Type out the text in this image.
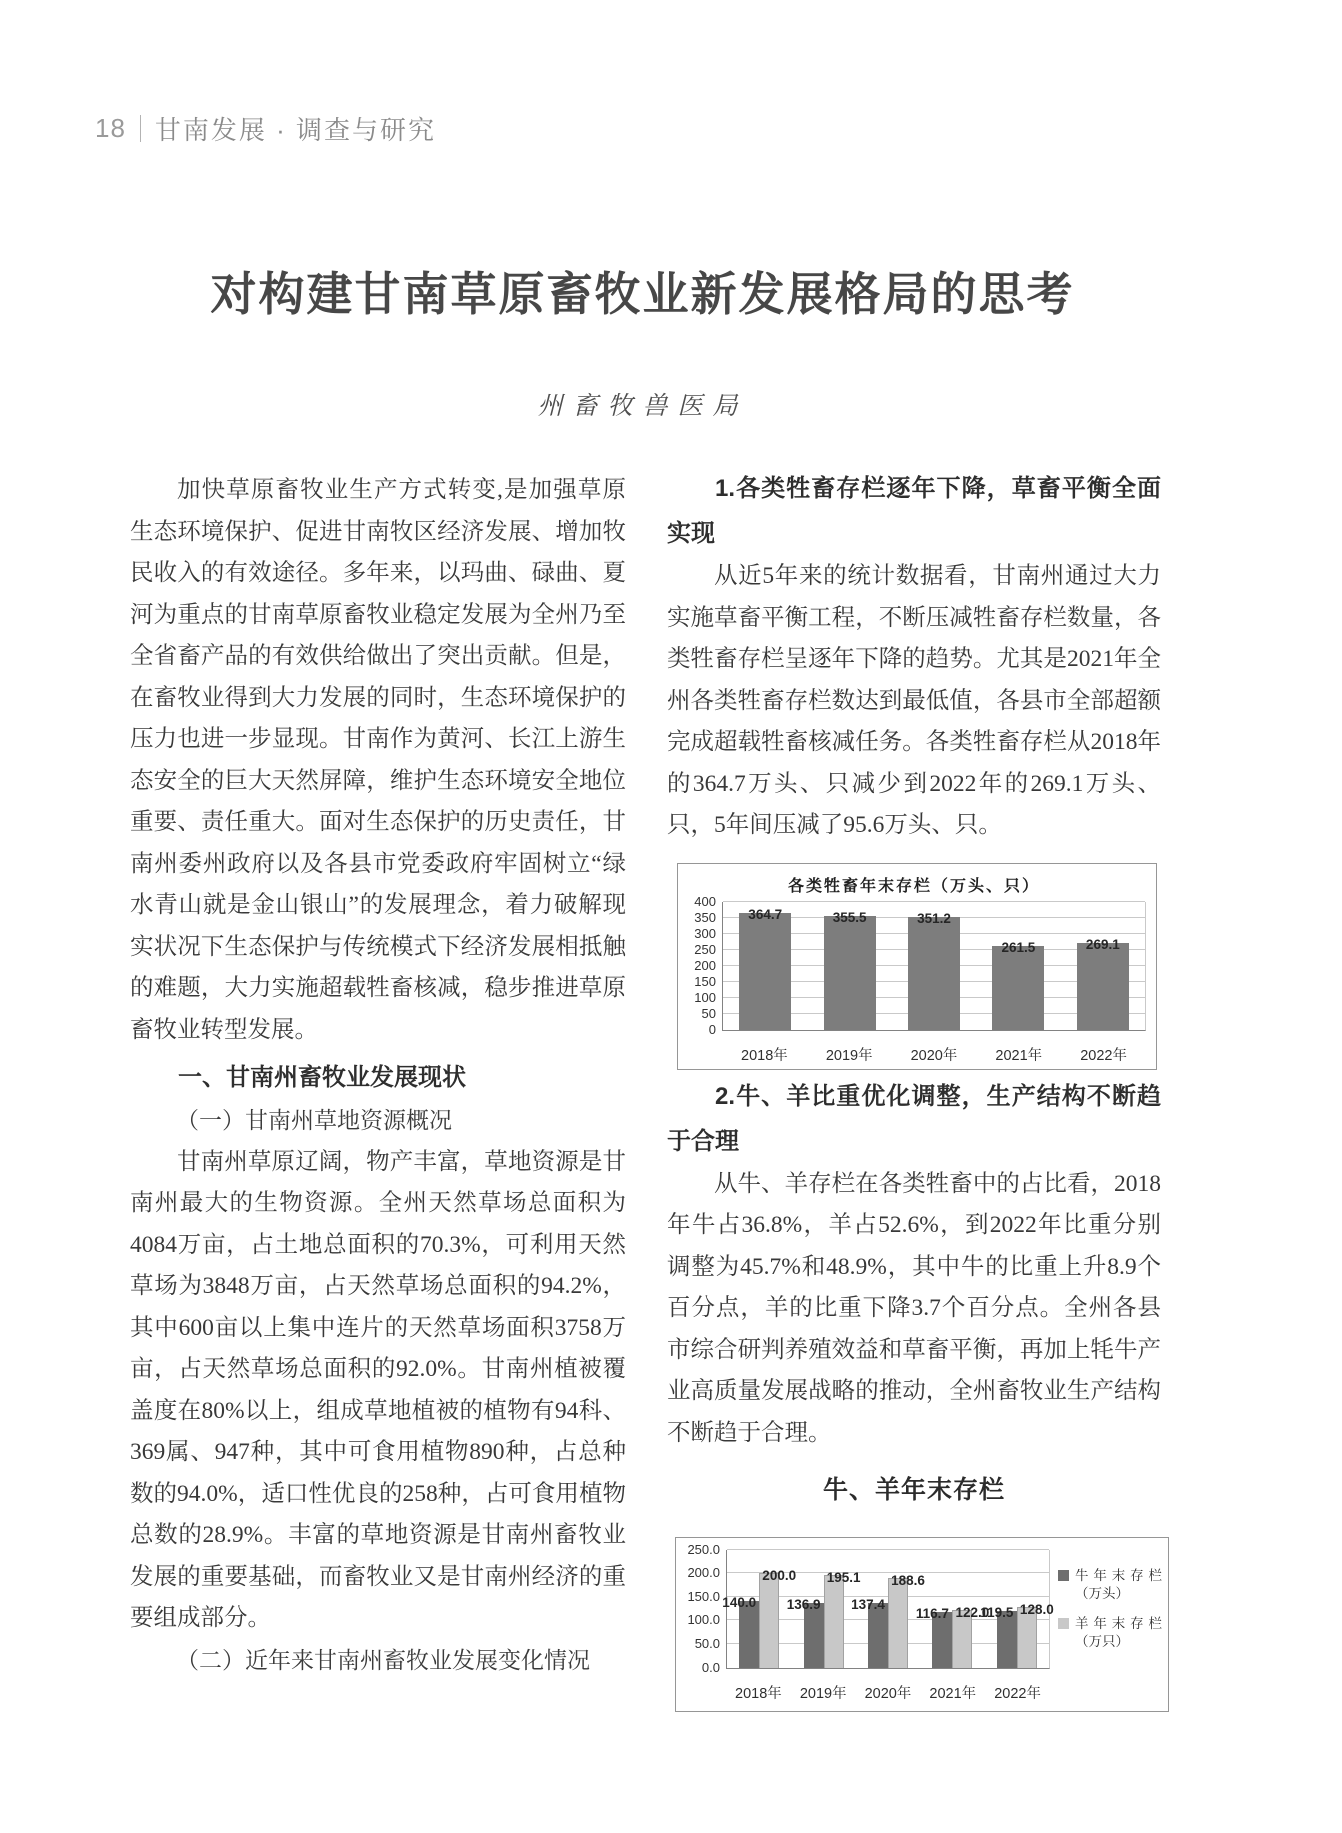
18 甘南发展 · 调查与研究
对构建甘南草原畜牧业新发展格局的思考
州畜牧兽医局

加快草原畜牧业生产方式转变,是加强草原生态环境保护、促进甘南牧区经济发展、增加牧民收入的有效途径。多年来，以玛曲、碌曲、夏河为重点的甘南草原畜牧业稳定发展为全州乃至全省畜产品的有效供给做出了突出贡献。但是，在畜牧业得到大力发展的同时，生态环境保护的压力也进一步显现。甘南作为黄河、长江上游生态安全的巨大天然屏障，维护生态环境安全地位重要、责任重大。面对生态保护的历史责任，甘南州委州政府以及各县市党委政府牢固树立“绿水青山就是金山银山”的发展理念，着力破解现实状况下生态保护与传统模式下经济发展相抵触的难题，大力实施超载牲畜核减，稳步推进草原畜牧业转型发展。

一、甘南州畜牧业发展现状

（一）甘南州草地资源概况

甘南州草原辽阔，物产丰富，草地资源是甘南州最大的生物资源。全州天然草场总面积为4084万亩，占土地总面积的70.3%，可利用天然草场为3848万亩，占天然草场总面积的94.2%，其中600亩以上集中连片的天然草场面积3758万亩，占天然草场总面积的92.0%。甘南州植被覆盖度在80%以上，组成草地植被的植物有94科、369属、947种，其中可食用植物890种，占总种数的94.0%，适口性优良的258种，占可食用植物总数的28.9%。丰富的草地资源是甘南州畜牧业发展的重要基础，而畜牧业又是甘南州经济的重要组成部分。

（二）近年来甘南州畜牧业发展变化情况

1.各类牲畜存栏逐年下降，草畜平衡全面实现

从近5年来的统计数据看，甘南州通过大力实施草畜平衡工程，不断压减牲畜存栏数量，各类牲畜存栏呈逐年下降的趋势。尤其是2021年全州各类牲畜存栏数达到最低值，各县市全部超额完成超载牲畜核减任务。各类牲畜存栏从2018年的364.7万头、只减少到2022年的269.1万头、只，5年间压减了95.6万头、只。

各类牲畜年末存栏（万头、只）
0
50
100
150
200
250
300
350
400
364.7	355.5	351.2
261.5	269.1
2018年	2019年	2020年	2021年	2022年

2.牛、羊比重优化调整，生产结构不断趋于合理

从牛、羊存栏在各类牲畜中的占比看，2018年牛占36.8%，羊占52.6%，到2022年比重分别调整为45.7%和48.9%，其中牛的比重上升8.9个百分点，羊的比重下降3.7个百分点。全州各县市综合研判养殖效益和草畜平衡，再加上牦牛产业高质量发展战略的推动，全州畜牧业生产结构不断趋于合理。

牛、羊年末存栏

0.0
50.0
100.0
150.0
200.0
250.0
140.0
200.0
136.9
195.1
137.4
188.6
116.7 122.0
119.5 128.0
牛年末存栏（万头）
羊年末存栏（万只）
2018年	2019年	2020年	2021年	2022年
